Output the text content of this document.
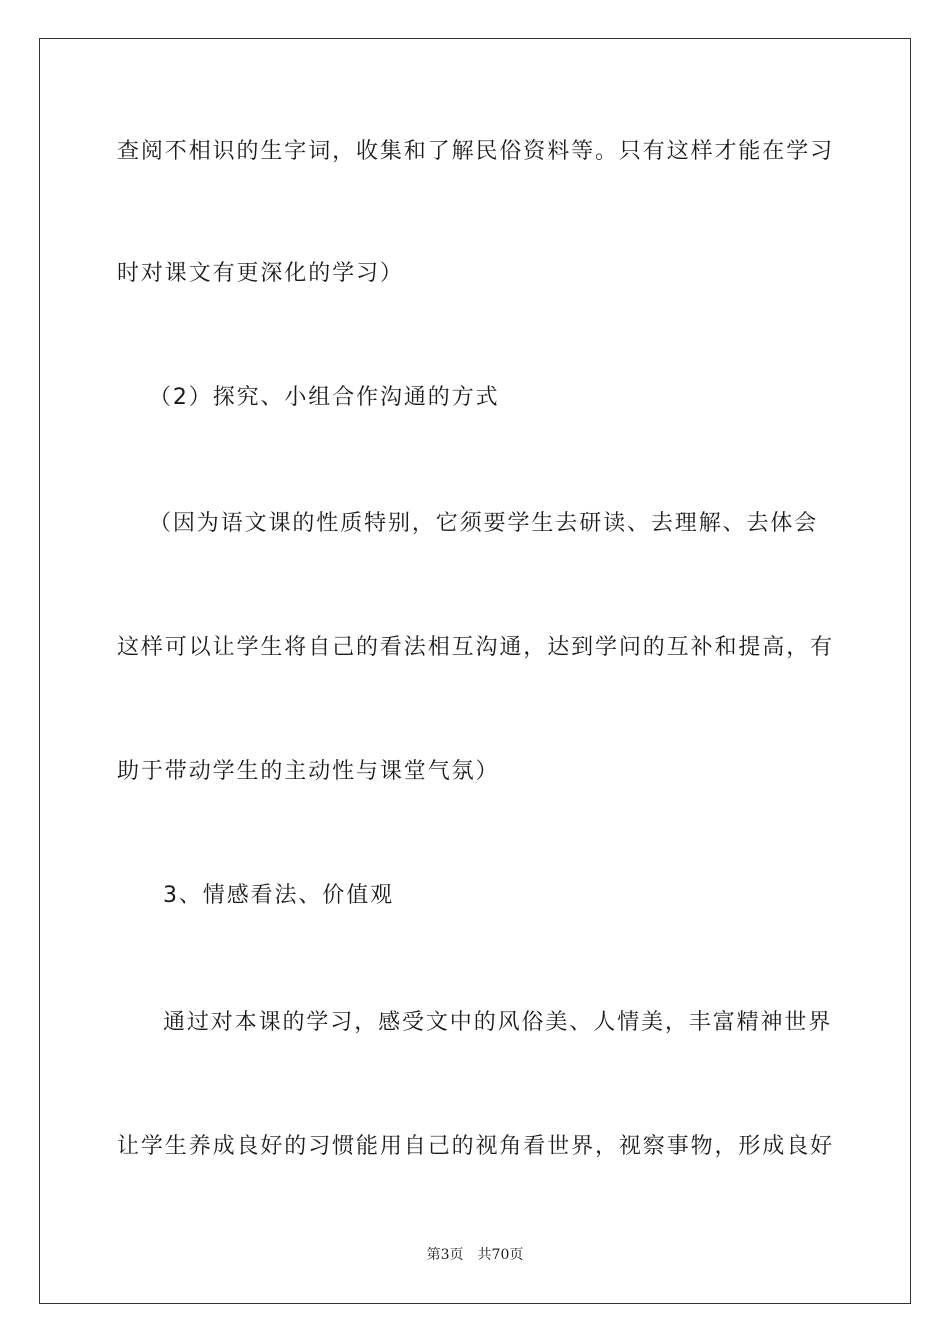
查阅不相识的生字词，收集和了解民俗资料等。只有这样才能在学习
时对课文有更深化的学习）
（2）探究、小组合作沟通的方式
（因为语文课的性质特别，它须要学生去研读、去理解、去体会
这样可以让学生将自己的看法相互沟通，达到学问的互补和提高，有
助于带动学生的主动性与课堂气氛）
3、情感看法、价值观
通过对本课的学习，感受文中的风俗美、人情美，丰富精神世界
让学生养成良好的习惯能用自己的视角看世界，视察事物，形成良好
第3页 共70页
